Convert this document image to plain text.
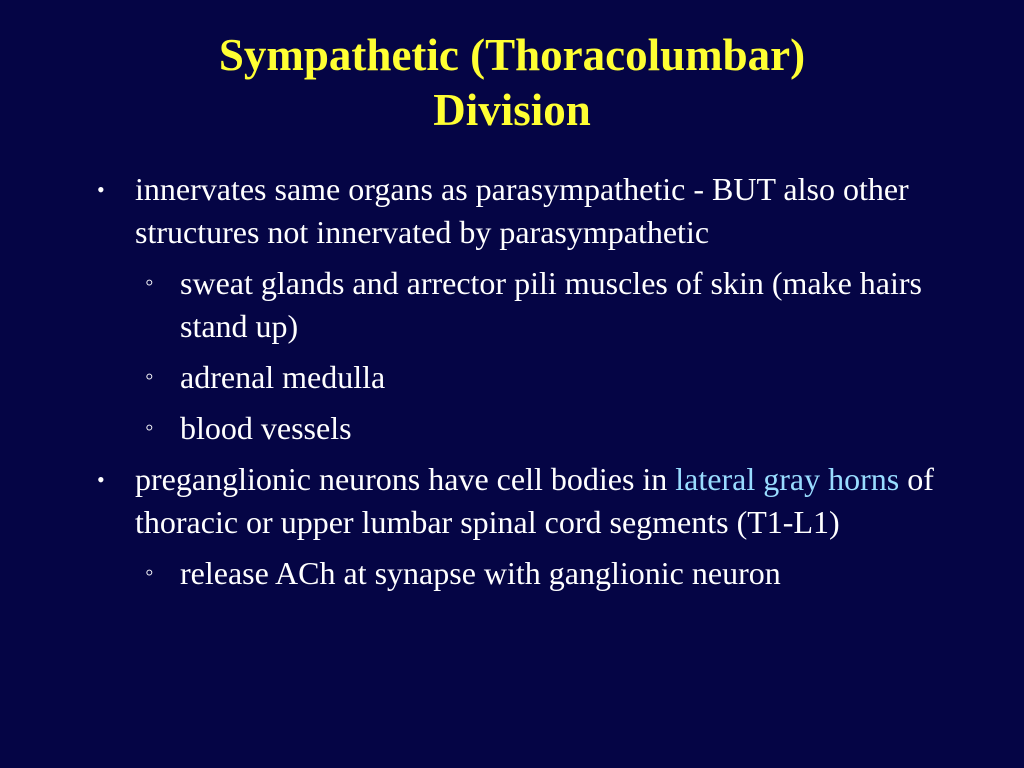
Sympathetic (Thoracolumbar)
Division
• innervates same organs as parasympathetic - BUT also other structures not innervated by parasympathetic
◦ sweat glands and arrector pili muscles of skin (make hairs stand up)
◦ adrenal medulla
◦ blood vessels
• preganglionic neurons have cell bodies in lateral gray horns of thoracic or upper lumbar spinal cord segments (T1-L1)
◦ release ACh at synapse with ganglionic neuron
